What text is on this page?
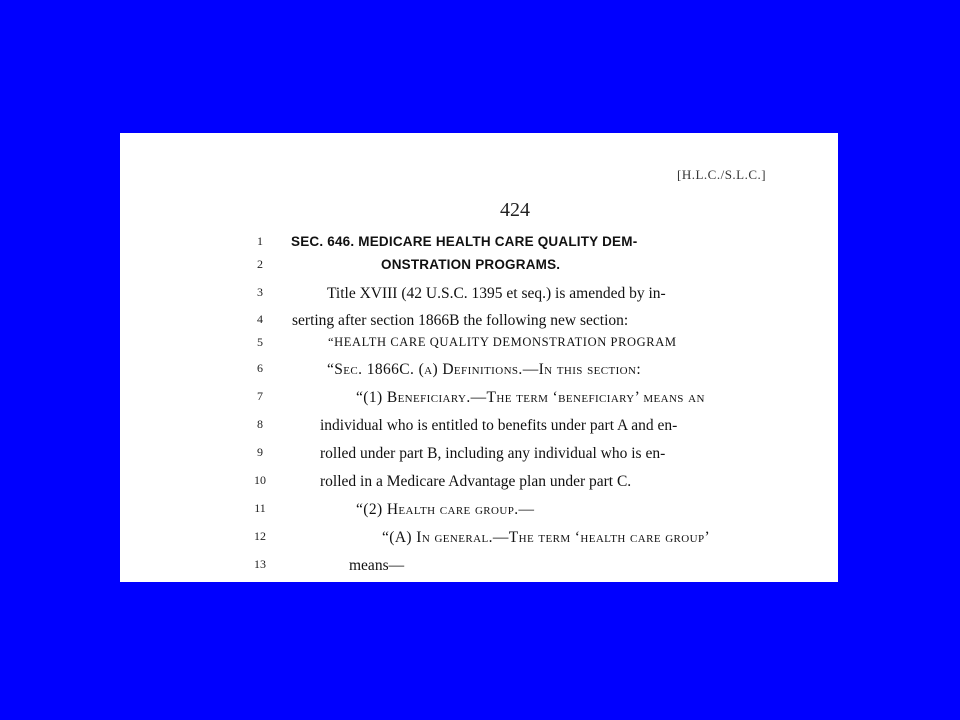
[H.L.C./S.L.C.]
424
1	SEC. 646. MEDICARE HEALTH CARE QUALITY DEM-
2	ONSTRATION PROGRAMS.
3	Title XVIII (42 U.S.C. 1395 et seq.) is amended by in-
4	serting after section 1866B the following new section:
5	“HEALTH CARE QUALITY DEMONSTRATION PROGRAM
6	“Sec. 1866C. (a) Definitions.—In this section:
7	“(1) Beneficiary.—The term ‘beneficiary’ means an
8	individual who is entitled to benefits under part A and en-
9	rolled under part B, including any individual who is en-
10	rolled in a Medicare Advantage plan under part C.
11	“(2) Health care group.—
12	“(A) In general.—The term ‘health care group’
13	means—
